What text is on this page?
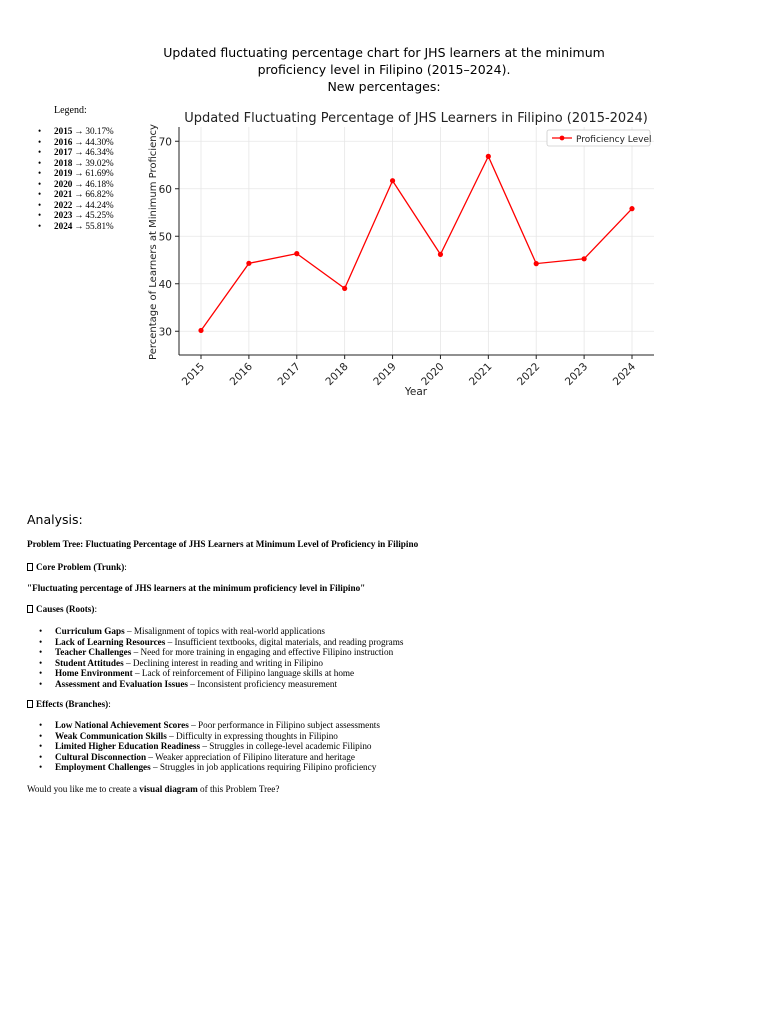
Updated fluctuating percentage chart for JHS learners at the minimum
proficiency level in Filipino (2015–2024).
New percentages:
Legend:
• 2015 → 30.17%
• 2016 → 44.30%
• 2017 → 46.34%
• 2018 → 39.02%
• 2019 → 61.69%
• 2020 → 46.18%
• 2021 → 66.82%
• 2022 → 44.24%
• 2023 → 45.25%
• 2024 → 55.81%
30
40
50
60
70
2015 2016 2017 2018 2019 2020 2021 2022 2023 2024
Updated Fluctuating Percentage of JHS Learners in Filipino (2015-2024)
Year
Percentage of Learners at Minimum Proficiency	Proficiency Level
Analysis:

Problem Tree: Fluctuating Percentage of JHS Learners at Minimum Level of Proficiency in Filipino

Core Problem (Trunk):

"Fluctuating percentage of JHS learners at the minimum proficiency level in Filipino"

Causes (Roots):

• Curriculum Gaps – Misalignment of topics with real-world applications
• Lack of Learning Resources – Insufficient textbooks, digital materials, and reading programs
• Teacher Challenges – Need for more training in engaging and effective Filipino instruction
• Student Attitudes – Declining interest in reading and writing in Filipino
• Home Environment – Lack of reinforcement of Filipino language skills at home
• Assessment and Evaluation Issues – Inconsistent proficiency measurement

Effects (Branches):

• Low National Achievement Scores – Poor performance in Filipino subject assessments
• Weak Communication Skills – Difficulty in expressing thoughts in Filipino
• Limited Higher Education Readiness – Struggles in college-level academic Filipino
• Cultural Disconnection – Weaker appreciation of Filipino literature and heritage
• Employment Challenges – Struggles in job applications requiring Filipino proficiency

Would you like me to create a visual diagram of this Problem Tree?
